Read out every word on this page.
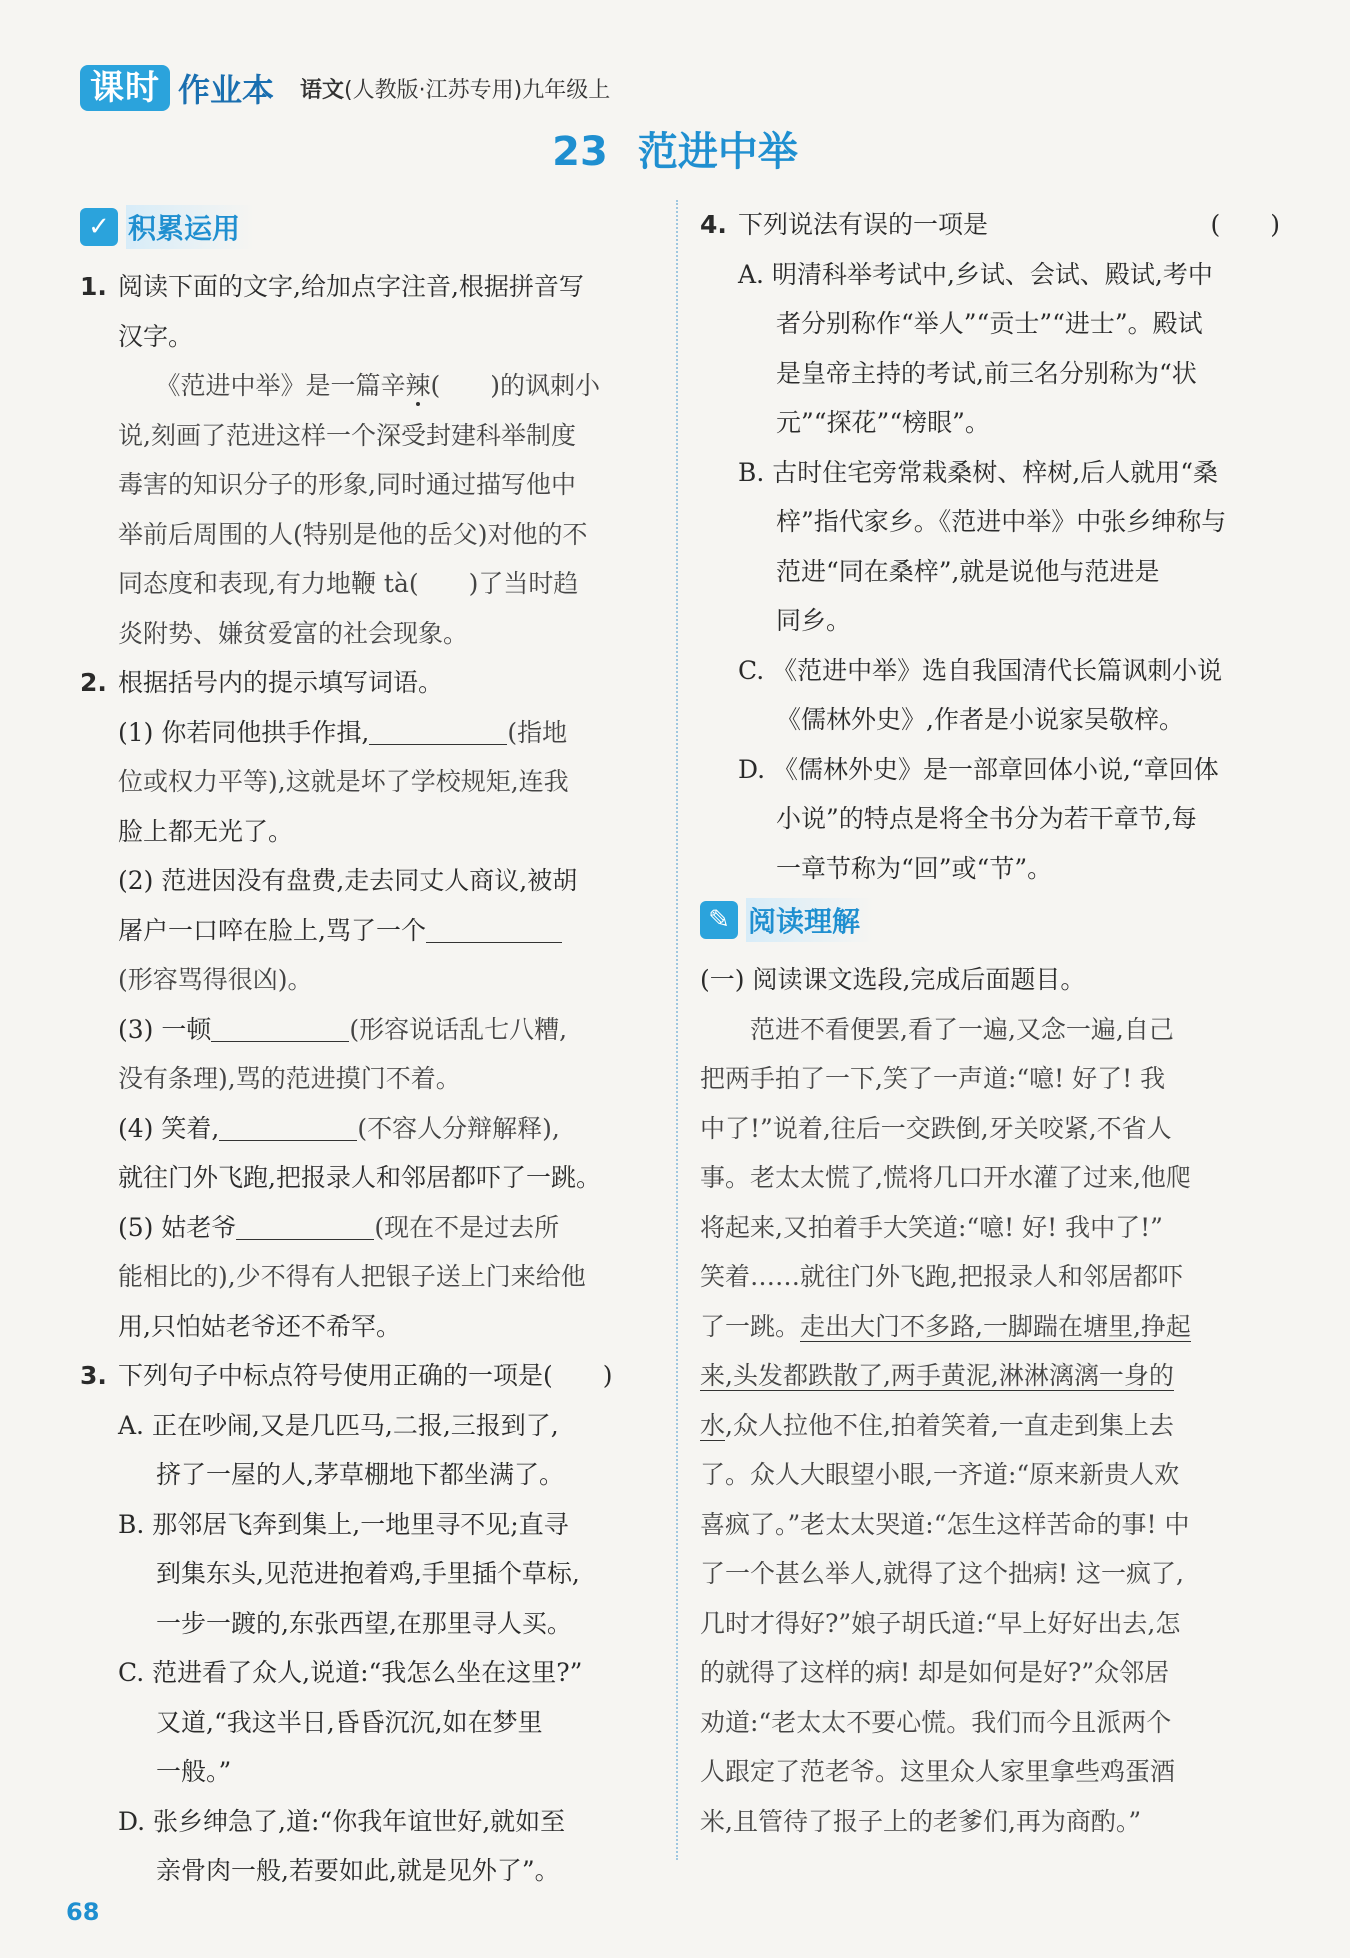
课时 作业本 语文(人教版·江苏专用)九年级上
23 范进中举
✓ 积累运用
1. 阅读下面的文字,给加点字注音,根据拼音写
汉字。
　　《范进中举》是一篇辛辣(　　)的讽刺小
说,刻画了范进这样一个深受封建科举制度
毒害的知识分子的形象,同时通过描写他中
举前后周围的人(特别是他的岳父)对他的不
同态度和表现,有力地鞭 tà(　　)了当时趋
炎附势、嫌贫爱富的社会现象。
2. 根据括号内的提示填写词语。
(1) 你若同他拱手作揖,	(指地
位或权力平等),这就是坏了学校规矩,连我
脸上都无光了。
(2) 范进因没有盘费,走去同丈人商议,被胡
屠户一口啐在脸上,骂了一个
(形容骂得很凶)。
(3) 一顿	(形容说话乱七八糟,
没有条理),骂的范进摸门不着。
(4) 笑着,	(不容人分辩解释),
就往门外飞跑,把报录人和邻居都吓了一跳。
(5) 姑老爷	(现在不是过去所
能相比的),少不得有人把银子送上门来给他
用,只怕姑老爷还不希罕。
3. 下列句子中标点符号使用正确的一项是(　　)
A. 正在吵闹,又是几匹马,二报,三报到了,
挤了一屋的人,茅草棚地下都坐满了。
B. 那邻居飞奔到集上,一地里寻不见;直寻
到集东头,见范进抱着鸡,手里插个草标,
一步一踱的,东张西望,在那里寻人买。
C. 范进看了众人,说道:“我怎么坐在这里?”
又道,“我这半日,昏昏沉沉,如在梦里
一般。”
D. 张乡绅急了,道:“你我年谊世好,就如至
亲骨肉一般,若要如此,就是见外了”。
4. 下列说法有误的一项是	(　　)
A. 明清科举考试中,乡试、会试、殿试,考中
者分别称作“举人”“贡士”“进士”。殿试
是皇帝主持的考试,前三名分别称为“状
元”“探花”“榜眼”。
B. 古时住宅旁常栽桑树、梓树,后人就用“桑
梓”指代家乡。《范进中举》中张乡绅称与
范进“同在桑梓”,就是说他与范进是
同乡。
C. 《范进中举》选自我国清代长篇讽刺小说
《儒林外史》,作者是小说家吴敬梓。
D. 《儒林外史》是一部章回体小说,“章回体
小说”的特点是将全书分为若干章节,每
一章节称为“回”或“节”。
✎ 阅读理解
(一) 阅读课文选段,完成后面题目。
范进不看便罢,看了一遍,又念一遍,自己
把两手拍了一下,笑了一声道:“噫! 好了! 我
中了!”说着,往后一交跌倒,牙关咬紧,不省人
事。老太太慌了,慌将几口开水灌了过来,他爬
将起来,又拍着手大笑道:“噫! 好! 我中了!”
笑着……就往门外飞跑,把报录人和邻居都吓
了一跳。走出大门不多路,一脚踹在塘里,挣起
来,头发都跌散了,两手黄泥,淋淋漓漓一身的
水,众人拉他不住,拍着笑着,一直走到集上去
了。众人大眼望小眼,一齐道:“原来新贵人欢
喜疯了。”老太太哭道:“怎生这样苦命的事! 中
了一个甚么举人,就得了这个拙病! 这一疯了,
几时才得好?”娘子胡氏道:“早上好好出去,怎
的就得了这样的病! 却是如何是好?”众邻居
劝道:“老太太不要心慌。我们而今且派两个
人跟定了范老爷。这里众人家里拿些鸡蛋酒
米,且管待了报子上的老爹们,再为商酌。”
68
